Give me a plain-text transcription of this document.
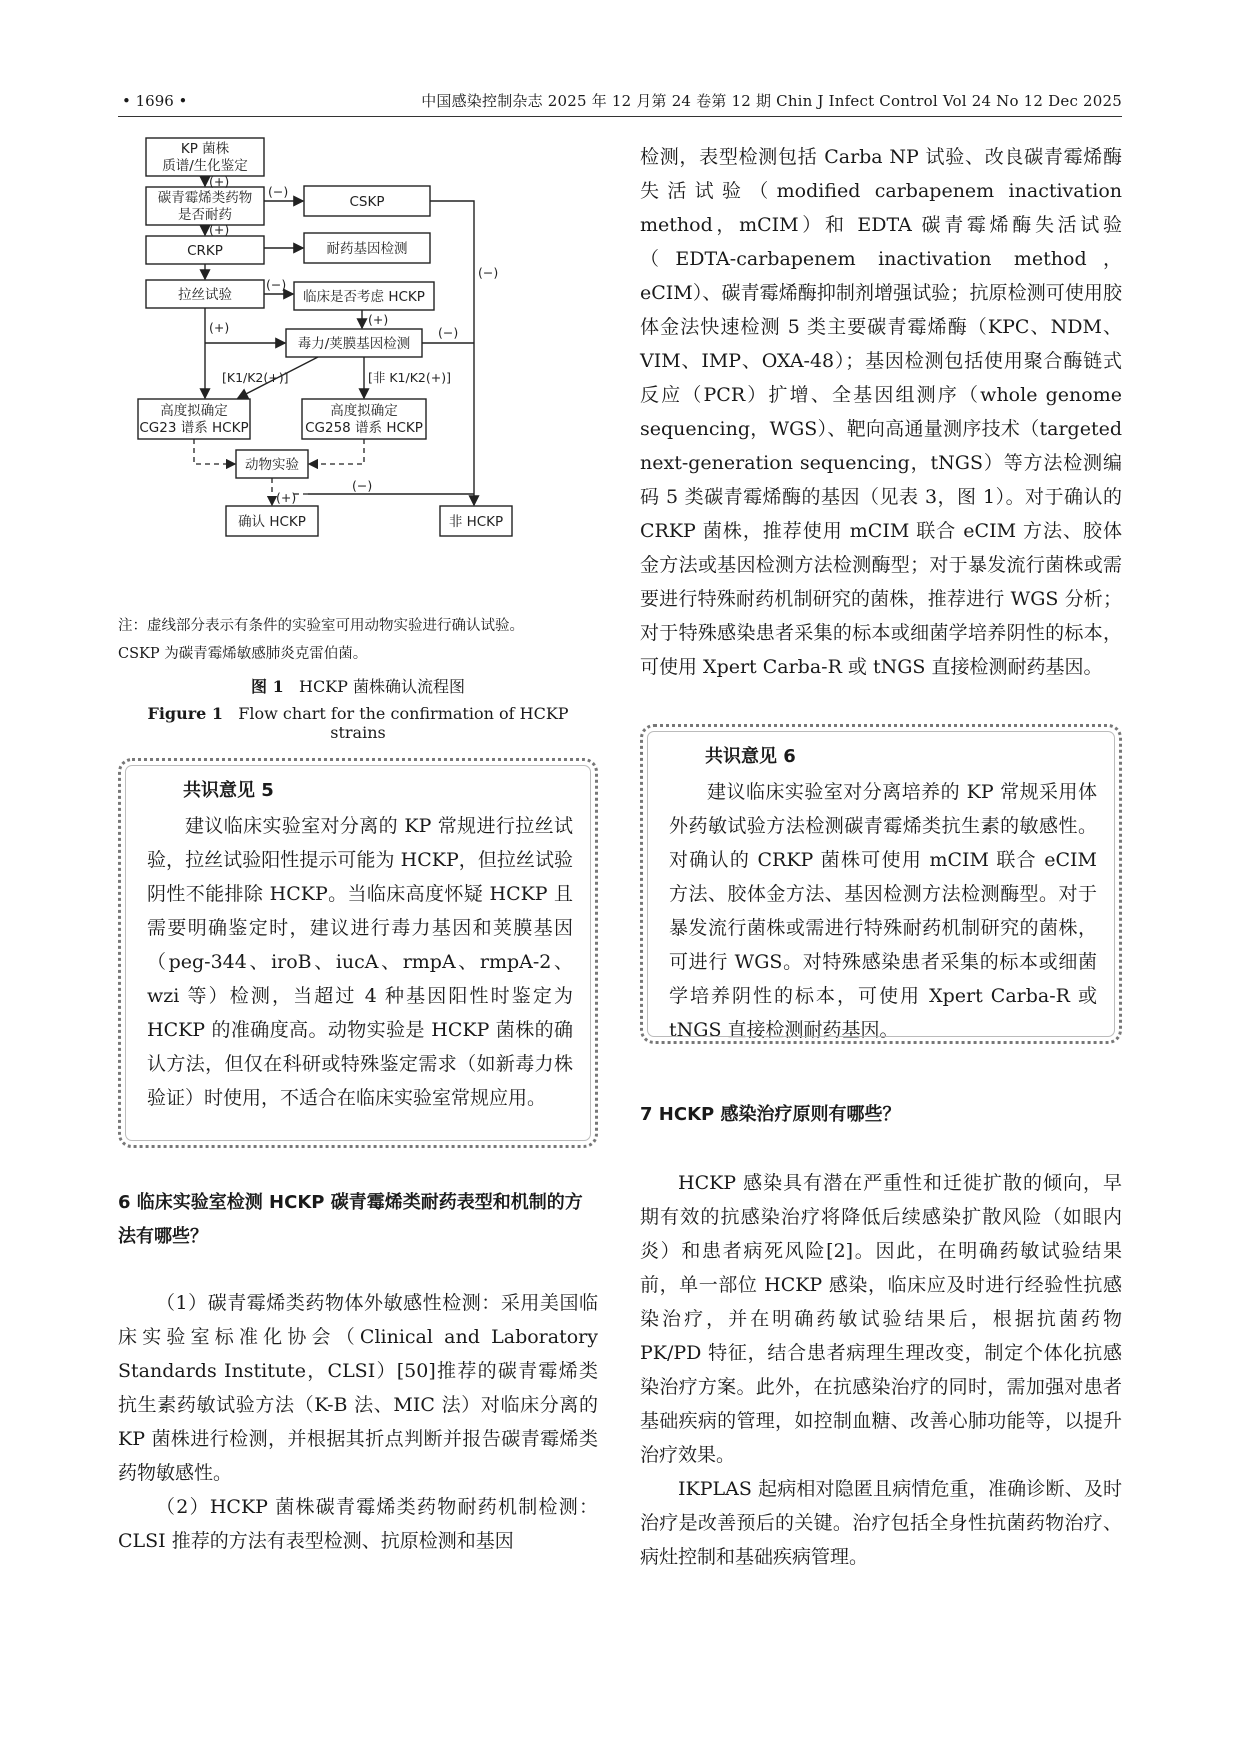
• 1696 •	中国感染控制杂志 2025 年 12 月第 24 卷第 12 期 Chin J Infect Control Vol 24 No 12 Dec 2025
KP 菌株
质谱/生化鉴定
碳青霉烯类药物
是否耐药
CSKP
CRKP	耐药基因检测
拉丝试验	临床是否考虑 HCKP
毒力/荚膜基因检测
高度拟确定
CG23 谱系 HCKP
高度拟确定
CG258 谱系 HCKP
动物实验
确认 HCKP	非 HCKP
(+)
(−)
(+)
(−)
(+)
(+)	(−)
(−)
[K1/K2(+)]	[非 K1/K2(+)]
(−)
(+)

注：虚线部分表示有条件的实验室可用动物实验进行确认试验。

CSKP 为碳青霉烯敏感肺炎克雷伯菌。

图 1 HCKP 菌株确认流程图
Figure 1 Flow chart for the confirmation of HCKP strains

共识意见 5

建议临床实验室对分离的 KP 常规进行拉丝试验，拉丝试验阳性提示可能为 HCKP，但拉丝试验阴性不能排除 HCKP。当临床高度怀疑 HCKP 且需要明确鉴定时，建议进行毒力基因和荚膜基因（peg-344、iroB、iucA、rmpA、rmpA-2、wzi 等）检测，当超过 4 种基因阳性时鉴定为 HCKP 的准确度高。动物实验是 HCKP 菌株的确认方法，但仅在科研或特殊鉴定需求（如新毒力株验证）时使用，不适合在临床实验室常规应用。

6 临床实验室检测 HCKP 碳青霉烯类耐药表型和机制的方法有哪些？

（1）碳青霉烯类药物体外敏感性检测：采用美国临床实验室标准化协会（Clinical and Laboratory Standards Institute，CLSI）[50]推荐的碳青霉烯类抗生素药敏试验方法（K-B 法、MIC 法）对临床分离的 KP 菌株进行检测，并根据其折点判断并报告碳青霉烯类药物敏感性。

（2）HCKP 菌株碳青霉烯类药物耐药机制检测：CLSI 推荐的方法有表型检测、抗原检测和基因

检测，表型检测包括 Carba NP 试验、改良碳青霉烯酶失活试验（modified carbapenem inactivation method，mCIM）和 EDTA 碳青霉烯酶失活试验（EDTA-carbapenem inactivation method，eCIM）、碳青霉烯酶抑制剂增强试验；抗原检测可使用胶体金法快速检测 5 类主要碳青霉烯酶（KPC、NDM、VIM、IMP、OXA-48）；基因检测包括使用聚合酶链式反应（PCR）扩增、全基因组测序（whole genome sequencing，WGS）、靶向高通量测序技术（targeted next-generation sequencing，tNGS）等方法检测编码 5 类碳青霉烯酶的基因（见表 3，图 1）。对于确认的 CRKP 菌株，推荐使用 mCIM 联合 eCIM 方法、胶体金方法或基因检测方法检测酶型；对于暴发流行菌株或需要进行特殊耐药机制研究的菌株，推荐进行 WGS 分析；对于特殊感染患者采集的标本或细菌学培养阴性的标本，可使用 Xpert Carba-R 或 tNGS 直接检测耐药基因。

共识意见 6

建议临床实验室对分离培养的 KP 常规采用体外药敏试验方法检测碳青霉烯类抗生素的敏感性。对确认的 CRKP 菌株可使用 mCIM 联合 eCIM 方法、胶体金方法、基因检测方法检测酶型。对于暴发流行菌株或需进行特殊耐药机制研究的菌株，可进行 WGS。对特殊感染患者采集的标本或细菌学培养阴性的标本，可使用 Xpert Carba-R 或 tNGS 直接检测耐药基因。

7 HCKP 感染治疗原则有哪些？

HCKP 感染具有潜在严重性和迁徙扩散的倾向，早期有效的抗感染治疗将降低后续感染扩散风险（如眼内炎）和患者病死风险[2]。因此，在明确药敏试验结果前，单一部位 HCKP 感染，临床应及时进行经验性抗感染治疗，并在明确药敏试验结果后，根据抗菌药物 PK/PD 特征，结合患者病理生理改变，制定个体化抗感染治疗方案。此外，在抗感染治疗的同时，需加强对患者基础疾病的管理，如控制血糖、改善心肺功能等，以提升治疗效果。

IKPLAS 起病相对隐匿且病情危重，准确诊断、及时治疗是改善预后的关键。治疗包括全身性抗菌药物治疗、病灶控制和基础疾病管理。
